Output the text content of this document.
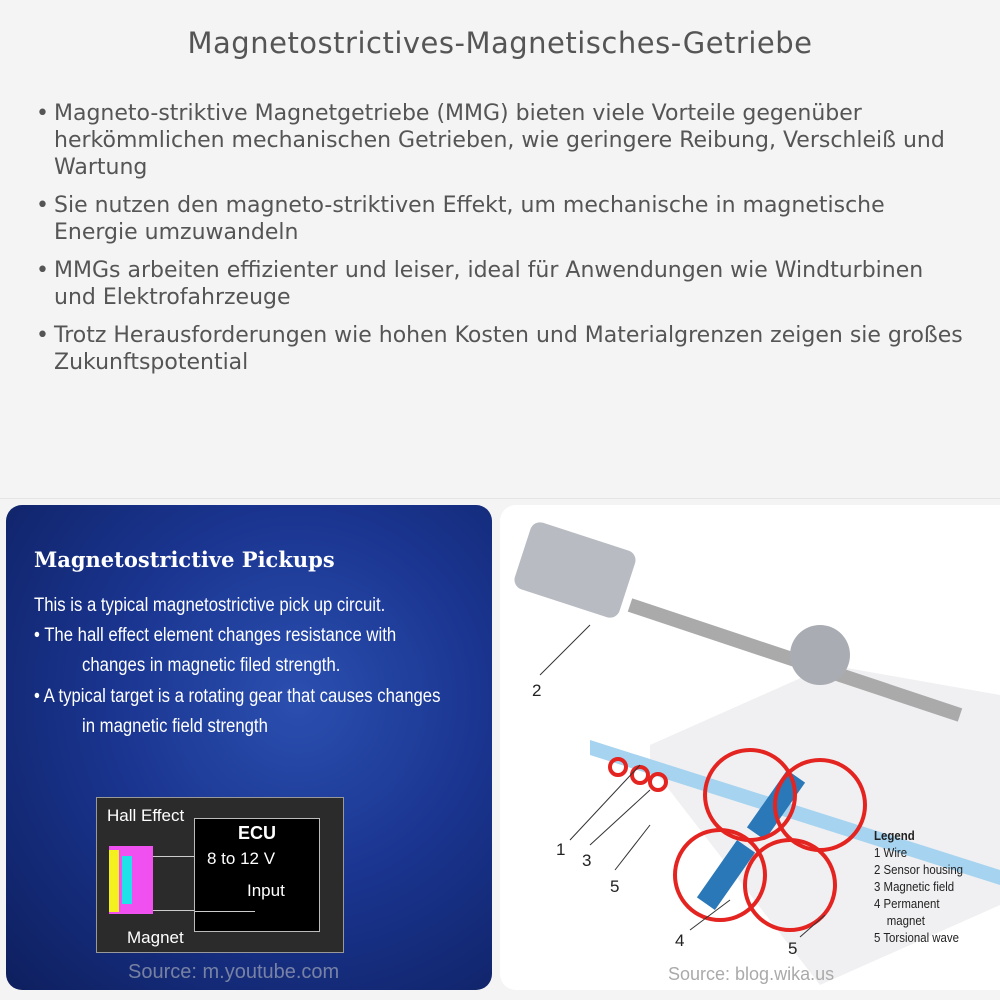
Magnetostrictives-Magnetisches-Getriebe
• Magneto-striktive Magnetgetriebe (MMG) bieten viele Vorteile gegenüber herkömmlichen mechanischen Getrieben, wie geringere Reibung, Verschleiß und Wartung
• Sie nutzen den magneto-striktiven Effekt, um mechanische in magnetische Energie umzuwandeln
• MMGs arbeiten effizienter und leiser, ideal für Anwendungen wie Windturbinen und Elektrofahrzeuge
• Trotz Herausforderungen wie hohen Kosten und Materialgrenzen zeigen sie großes Zukunftspotential
Magnetostrictive Pickups
This is a typical magnetostrictive pick up circuit.
• The hall effect element changes resistance with
changes in magnetic filed strength.
• A typical target is a rotating gear that causes changes
in magnetic field strength
Hall Effect
ECU
8 to 12 V
Input
Magnet
Source: m.youtube.com
2
1
3
5
4	5
Legend
1 Wire
2 Sensor housing
3 Magnetic field
4 Permanent
magnet
5 Torsional wave
Source: blog.wika.us
